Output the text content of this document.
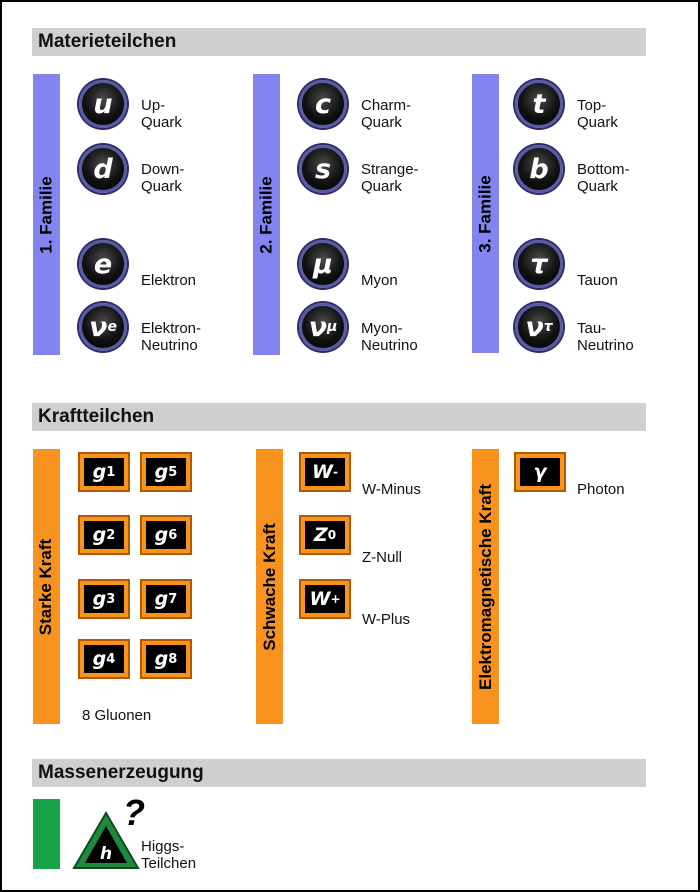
Materieteilchen
1. Familie
u Up-
Quark
d Down-
Quark
e
Elektron
ν e Elektron-
Neutrino
2. Familie
c Charm-
Quark
s Strange-
Quark
μ
Myon
ν μ Myon-
Neutrino
3. Familie
t Top-
Quark
b Bottom-
Quark
τ
Tauon
ν τ Tau-
Neutrino
Kraftteilchen
Starke Kraft
g 1 g 5
g 2 g 6
g 3 g 7
g 4 g 8
8 Gluonen
Schwache Kraft
W -
W-Minus
Z 0
Z-Null
W +
W-Plus	Elektromagnetische Kraft
γ
Photon
Massenerzeugung
h
?
Higgs-
Teilchen
